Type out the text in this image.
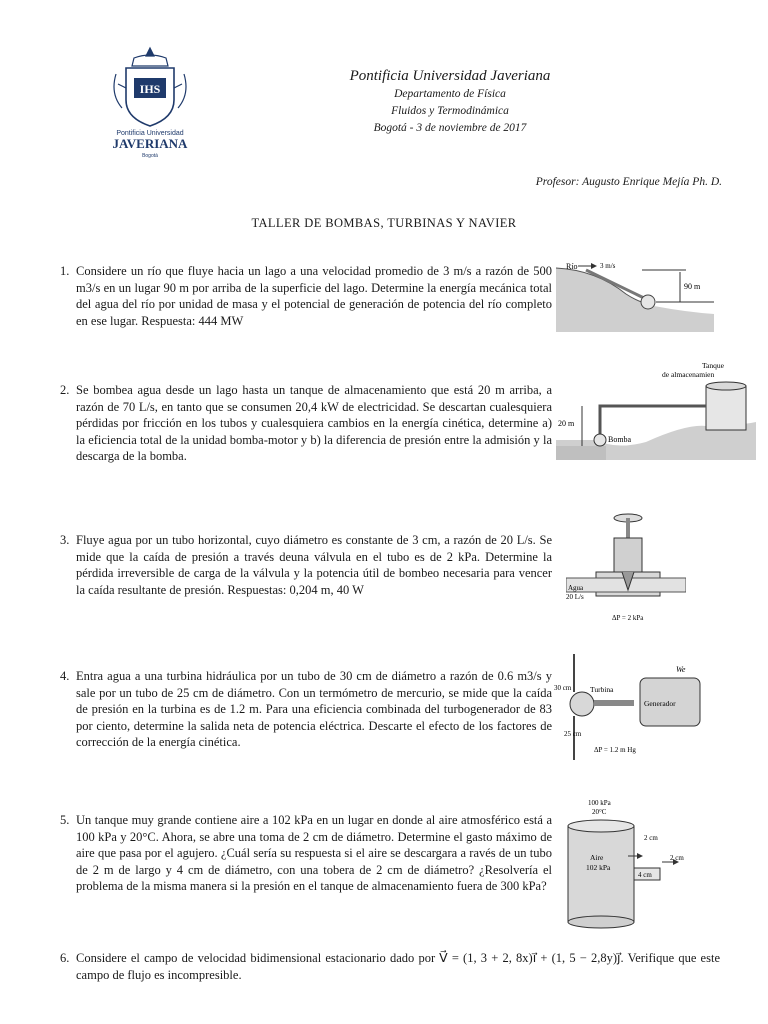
IHS
Pontificia Universidad
JAVERIANA
Bogotá
Pontificia Universidad Javeriana
Departamento de Física
Fluidos y Termodinámica
Bogotá - 3 de noviembre de 2017
Profesor: Augusto Enrique Mejía Ph. D.
TALLER DE BOMBAS, TURBINAS Y NAVIER
1. Considere un río que fluye hacia un lago a una velocidad promedio de 3 m/s a razón de 500 m3/s en un lugar 90 m por arriba de la superficie del lago. Determine la energía mecánica total del agua del río por unidad de masa y el potencial de generación de potencia del río completo en ese lugar. Respuesta: 444 MW
Río	3 m/s
90 m
2. Se bombea agua desde un lago hasta un tanque de almacenamiento que está 20 m arriba, a razón de 70 L/s, en tanto que se consumen 20,4 kW de electricidad. Se descartan cualesquiera pérdidas por fricción en los tubos y cualesquiera cambios en la energía cinética, determine a) la eficiencia total de la unidad bomba-motor y b) la diferencia de presión entre la admisión y la descarga de la bomba.
Tanque
de almacenamien
20 m
Bomba
3. Fluye agua por un tubo horizontal, cuyo diámetro es constante de 3 cm, a razón de 20 L/s. Se mide que la caída de presión a través deuna válvula en el tubo es de 2 kPa. Determine la pérdida irreversible de carga de la válvula y la potencia útil de bombeo necesaria para vencer la caída resultante de presión. Respuestas: 0,204 m, 40 W	Agua
20 L/s
ΔP = 2 kPa
4. Entra agua a una turbina hidráulica por un tubo de 30 cm de diámetro a razón de 0.6 m3/s y sale por un tubo de 25 cm de diámetro. Con un termómetro de mercurio, se mide que la caída de presión en la turbina es de 1.2 m. Para una eficiencia combinada del turbogenerador de 83 por ciento, determine la salida neta de potencia eléctrica. Descarte el efecto de los factores de corrección de la energía cinética.
30 cm Turbina
Generador
We
25 cm
ΔP = 1.2 m Hg
5. Un tanque muy grande contiene aire a 102 kPa en un lugar en donde al aire atmosférico está a 100 kPa y 20°C. Ahora, se abre una toma de 2 cm de diámetro. Determine el gasto máximo de aire que pasa por el agujero. ¿Cuál sería su respuesta si el aire se descargara a ravés de un tubo de 2 m de largo y 4 cm de diámetro, con una tobera de 2 cm de diámetro? ¿Resolvería el problema de la misma manera si la presión en el tanque de almacenamiento fuera de 300 kPa?
100 kPa
20°C
Aire
102 kPa
2 cm
2 cm
4 cm
6. Considere el campo de velocidad bidimensional estacionario dado por V⃗ = (1, 3 + 2, 8x)i⃗ + (1, 5 − 2,8y)j⃗. Verifique que este campo de flujo es incompresible.
